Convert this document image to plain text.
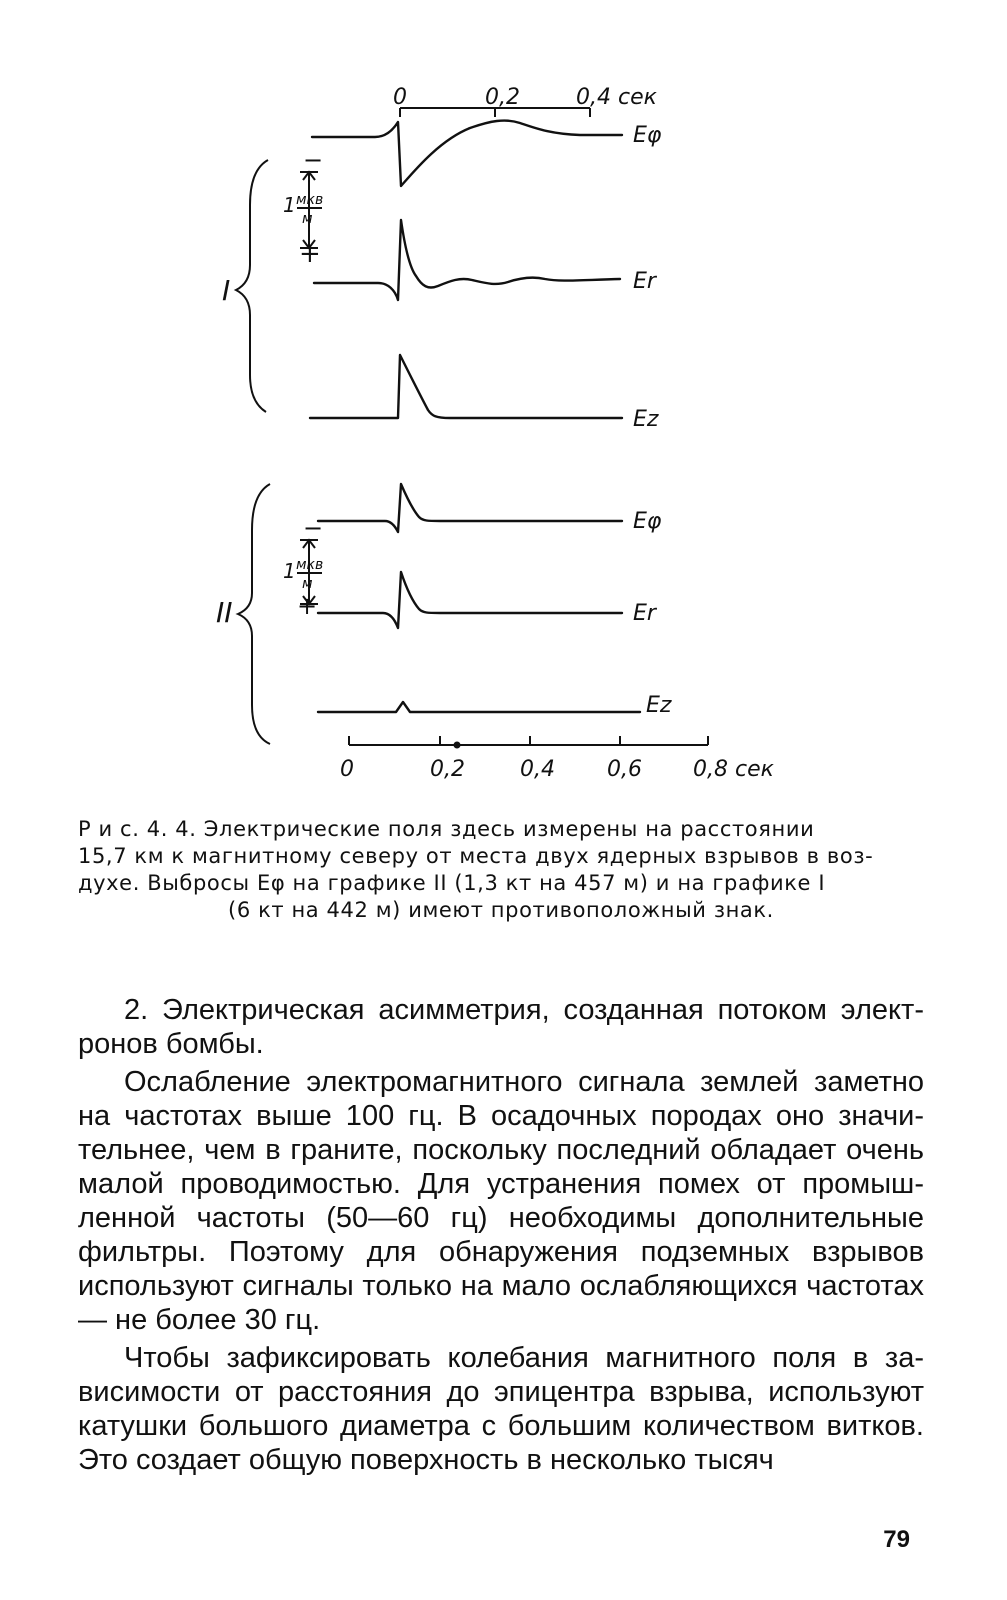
0	0,2	0,4 сек
I
−
1 мкв
м
+
Eφ
Er
Ez
II
−
1 мкв
м
+
Eφ
Er
Ez
0	0,2	0,4 0,6 0,8 сек

Р и с. 4. 4. Электрические поля здесь измерены на расстоянии

15,7 км к магнитному северу от места двух ядерных взрывов в воз-

духе. Выбросы Eφ на графике II (1,3 кт на 457 м) и на графике I

(6 кт на 442 м) имеют противоположный знак.

2. Электрическая асимметрия, созданная потоком электронов бомбы.

Ослабление электромагнитного сигнала землей заметно на частотах выше 100 гц. В осадочных породах оно значительнее, чем в граните, поскольку последний обладает очень малой проводимостью. Для устранения помех от промышленной частоты (50—60 гц) необходимы дополнительные фильтры. Поэтому для обнаружения подземных взрывов используют сигналы только на мало ослабляющихся частотах — не более 30 гц.

Чтобы зафиксировать колебания магнитного поля в зависимости от расстояния до эпицентра взрыва, используют катушки большого диаметра с большим количеством витков. Это создает общую поверхность в несколько тысяч

79
